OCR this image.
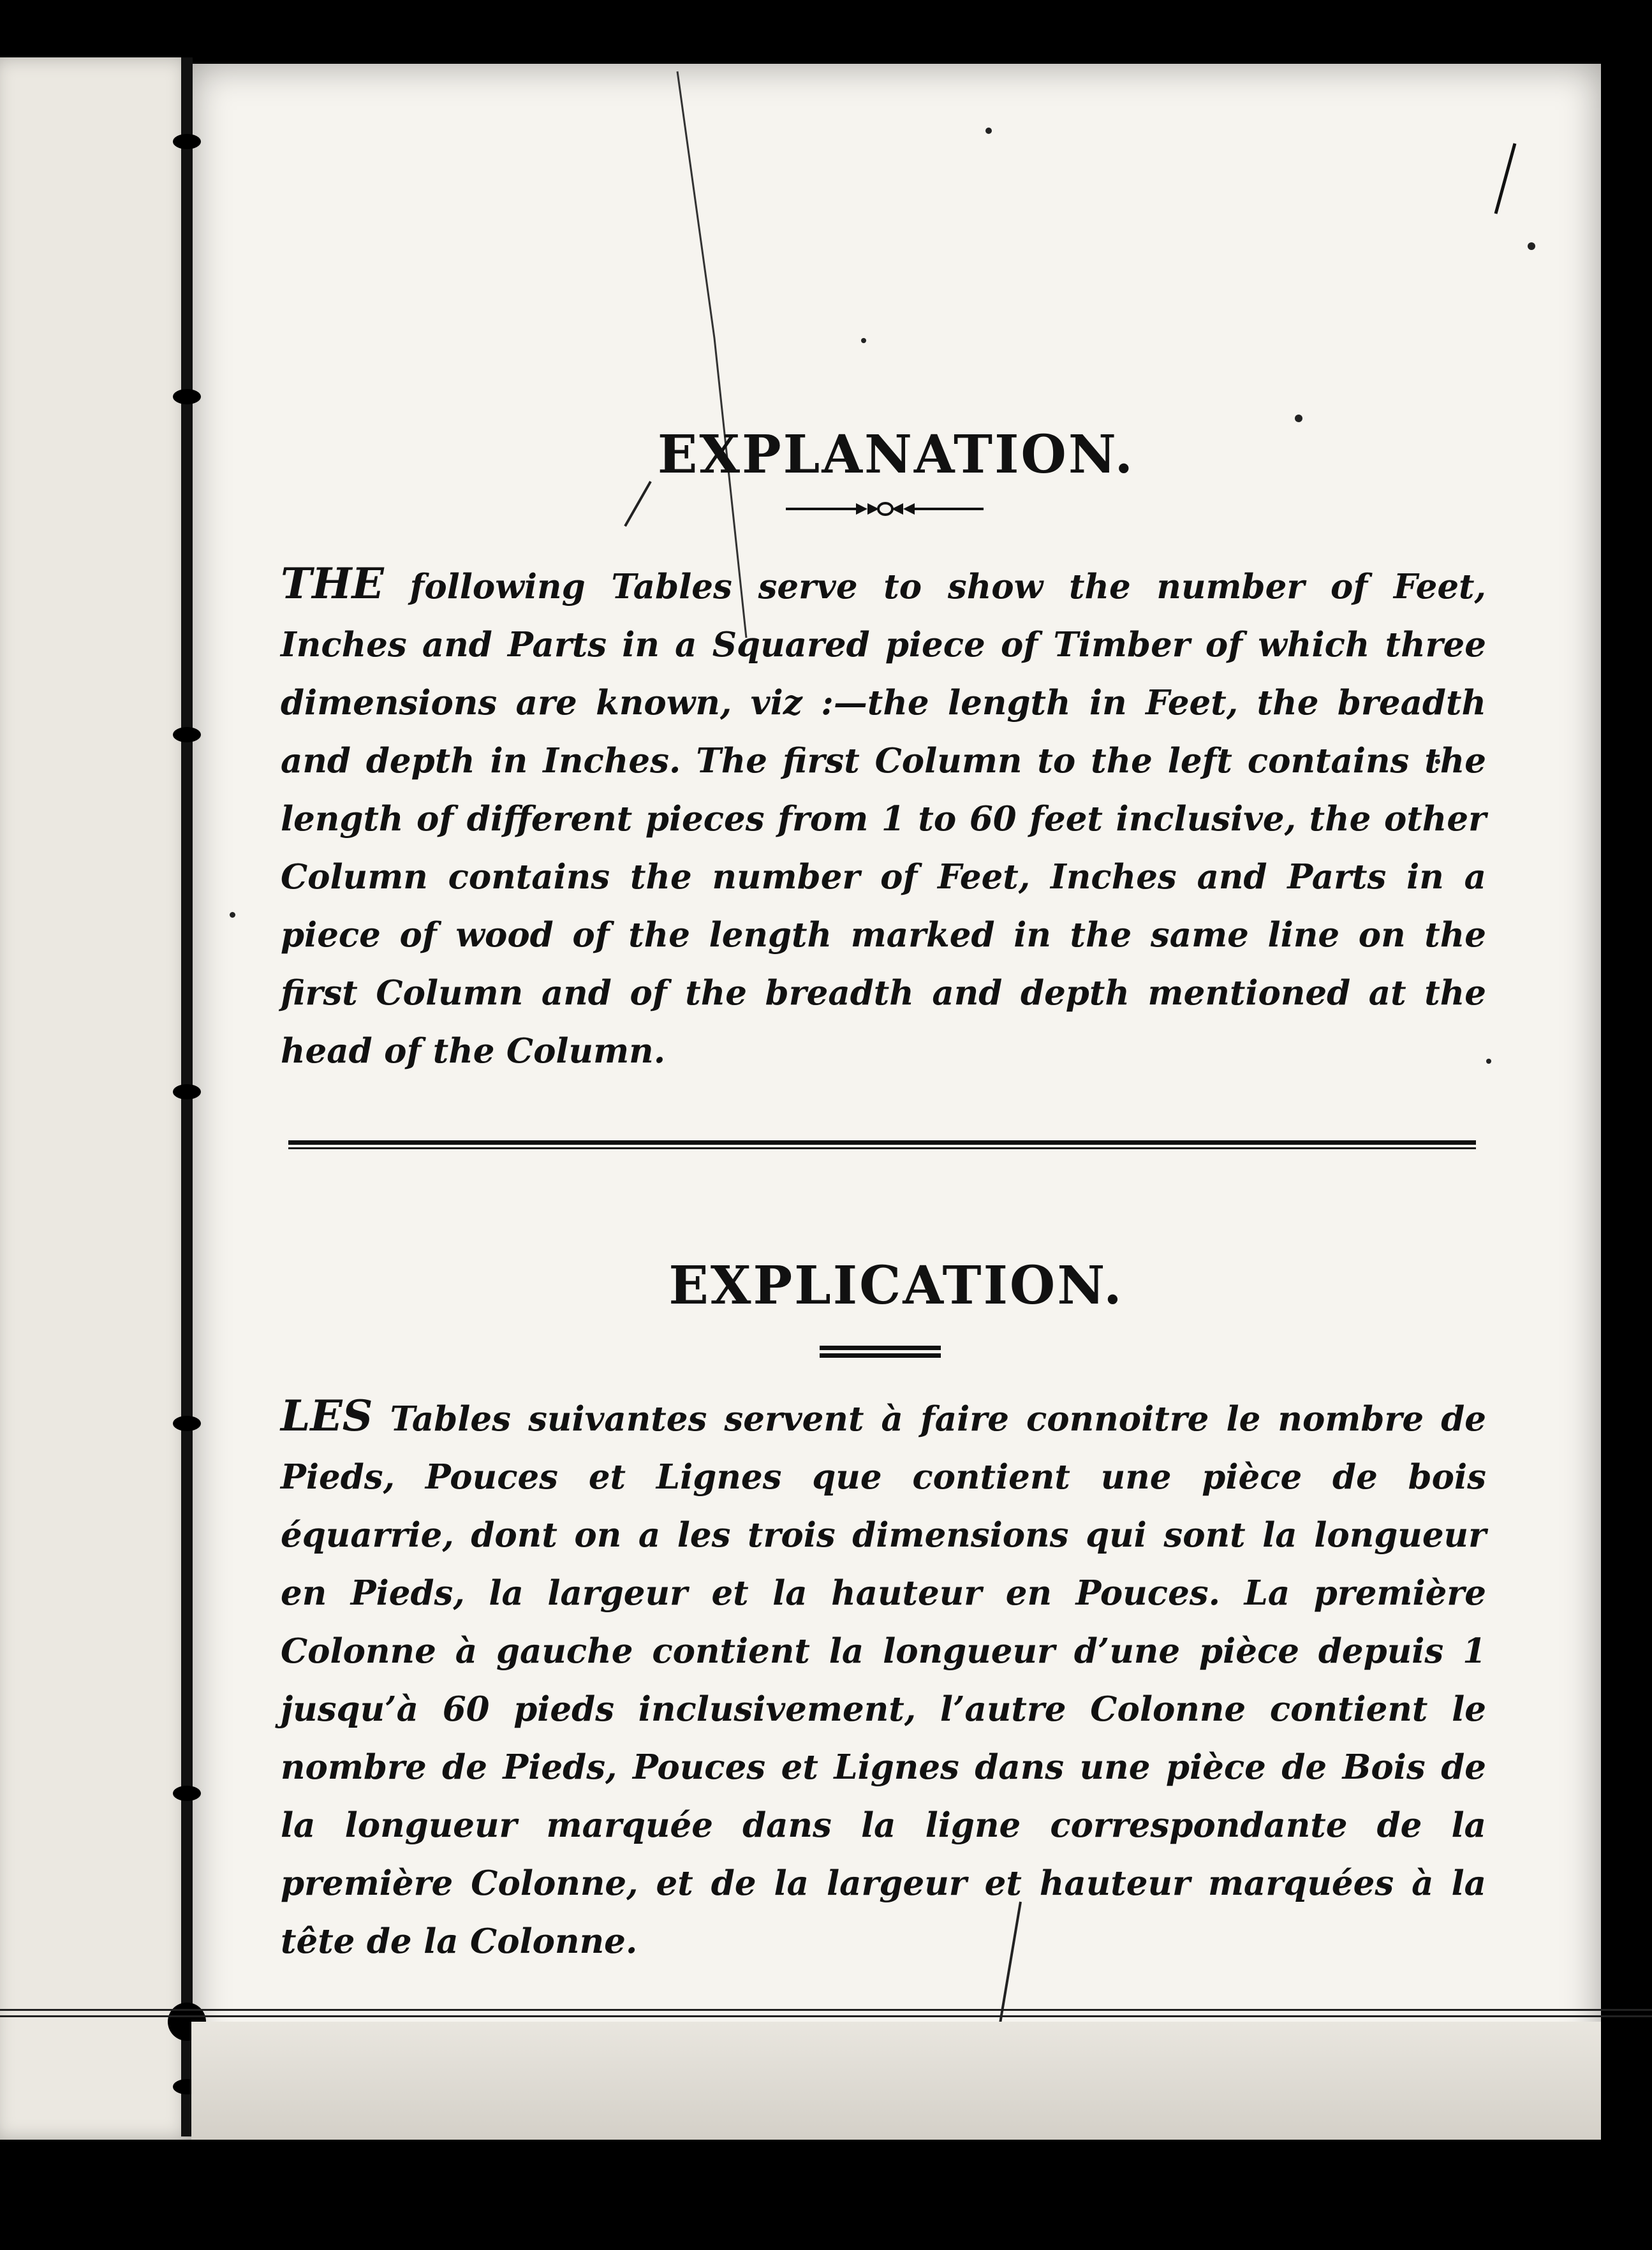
EXPLANATION.

THE following Tables serve to show the number of Feet, Inches and Parts in a Squared piece of Timber of which three dimensions are known, viz :—the length in Feet, the breadth and depth in Inches. The first Column to the left contains the length of different pieces from 1 to 60 feet inclusive, the other Column contains the number of Feet, Inches and Parts in a piece of wood of the length marked in the same line on the first Column and of the breadth and depth mentioned at the head of the Column.

EXPLICATION.

LES Tables suivantes servent à faire connoitre le nombre de Pieds, Pouces et Lignes que contient une pièce de bois équarrie, dont on a les trois dimensions qui sont la longueur en Pieds, la largeur et la hauteur en Pouces. La première Colonne à gauche contient la longueur d’une pièce depuis 1 jusqu’à 60 pieds inclusivement, l’autre Colonne contient le nombre de Pieds, Pouces et Lignes dans une pièce de Bois de la longueur marquée dans la ligne correspondante de la première Colonne, et de la largeur et hauteur marquées à la tête de la Colonne.
